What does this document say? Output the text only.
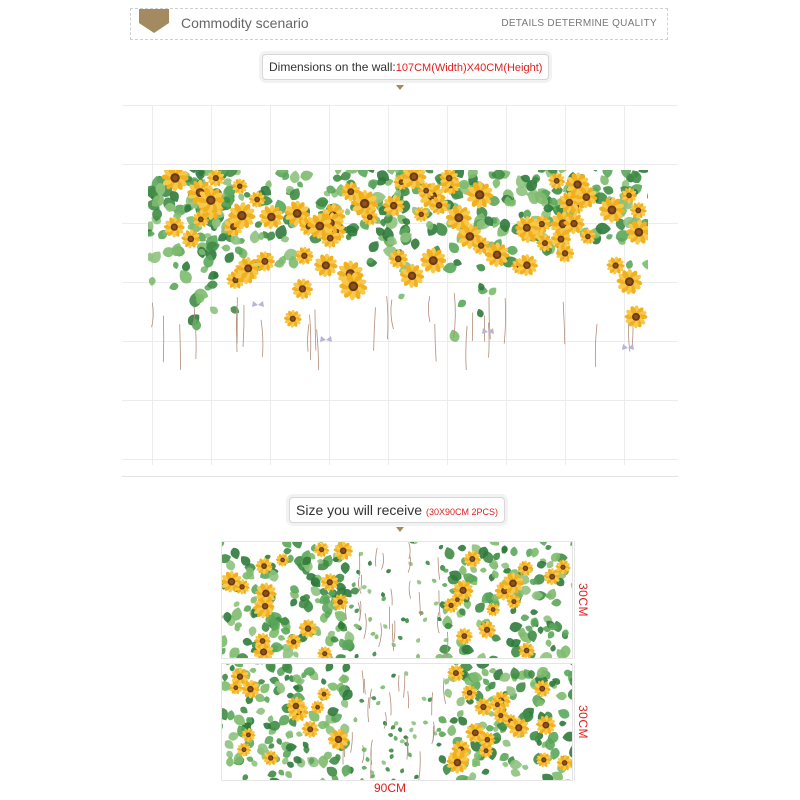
Commodity scenario	DETAILS DETERMINE QUALITY
Dimensions on the wall:107CM(Width)X40CM(Height)
Size you will receive (30X90CM 2PCS)
30CM
30CM
90CM
